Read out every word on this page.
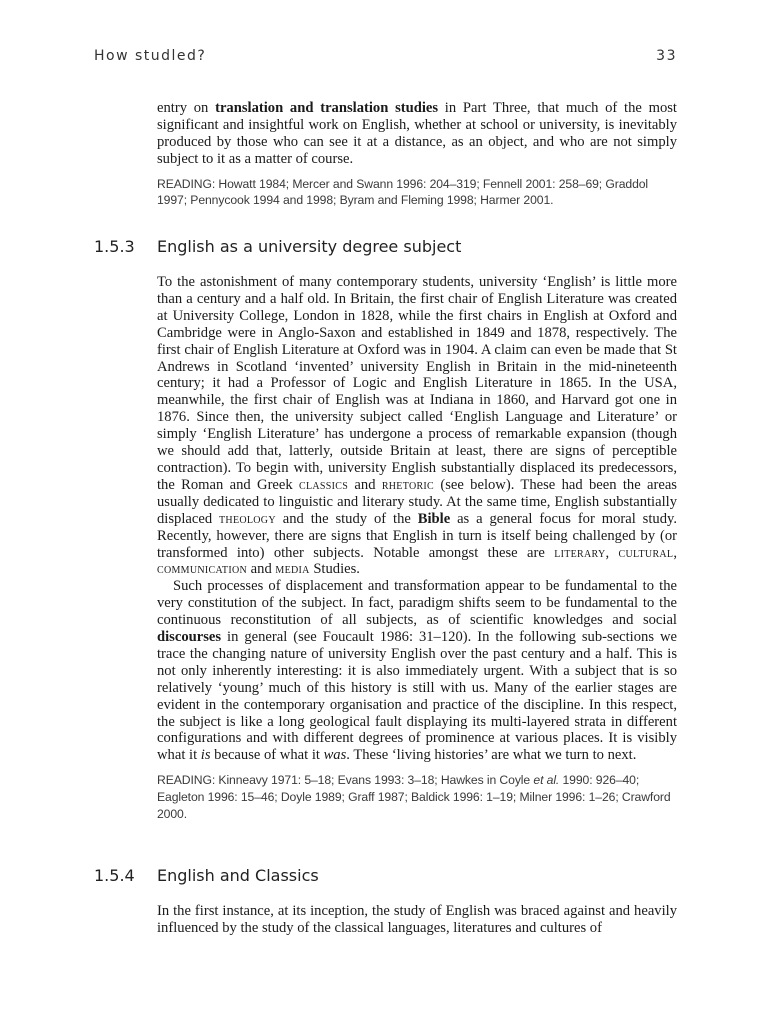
How studled?	33

entry on translation and translation studies in Part Three, that much of the most significant and insightful work on English, whether at school or university, is inevitably produced by those who can see it at a distance, as an object, and who are not simply subject to it as a matter of course.

READING: Howatt 1984; Mercer and Swann 1996: 204–319; Fennell 2001: 258–69; Graddol 1997; Pennycook 1994 and 1998; Byram and Fleming 1998; Harmer 2001.

1.5.3 English as a university degree subject

To the astonishment of many contemporary students, university ‘English’ is little more than a century and a half old. In Britain, the first chair of English Literature was created at University College, London in 1828, while the first chairs in English at Oxford and Cambridge were in Anglo-Saxon and established in 1849 and 1878, respectively. The first chair of English Literature at Oxford was in 1904. A claim can even be made that St Andrews in Scotland ‘invented’ university English in Britain in the mid-nineteenth century; it had a Professor of Logic and English Literature in 1865. In the USA, meanwhile, the first chair of English was at Indiana in 1860, and Harvard got one in 1876. Since then, the university subject called ‘English Language and Literature’ or simply ‘English Literature’ has undergone a process of remarkable expansion (though we should add that, latterly, outside Britain at least, there are signs of perceptible contraction). To begin with, university English substantially displaced its predecessors, the Roman and Greek classics and rhetoric (see below). These had been the areas usually dedicated to linguistic and literary study. At the same time, English substantially displaced theology and the study of the Bible as a general focus for moral study. Recently, however, there are signs that English in turn is itself being challenged by (or transformed into) other subjects. Notable amongst these are literary, cultural, communication and media Studies.

Such processes of displacement and transformation appear to be fundamental to the very constitution of the subject. In fact, paradigm shifts seem to be fundamental to the continuous reconstitution of all subjects, as of scientific knowledges and social discourses in general (see Foucault 1986: 31–120). In the following sub-sections we trace the changing nature of university English over the past century and a half. This is not only inherently interesting: it is also immediately urgent. With a subject that is so relatively ‘young’ much of this history is still with us. Many of the earlier stages are evident in the contemporary organisation and practice of the discipline. In this respect, the subject is like a long geological fault displaying its multi-layered strata in different configurations and with different degrees of prominence at various places. It is visibly what it is because of what it was. These ‘living histories’ are what we turn to next.

READING: Kinneavy 1971: 5–18; Evans 1993: 3–18; Hawkes in Coyle et al. 1990: 926–40; Eagleton 1996: 15–46; Doyle 1989; Graff 1987; Baldick 1996: 1–19; Milner 1996: 1–26; Crawford 2000.

1.5.4 English and Classics

In the first instance, at its inception, the study of English was braced against and heavily influenced by the study of the classical languages, literatures and cultures of
